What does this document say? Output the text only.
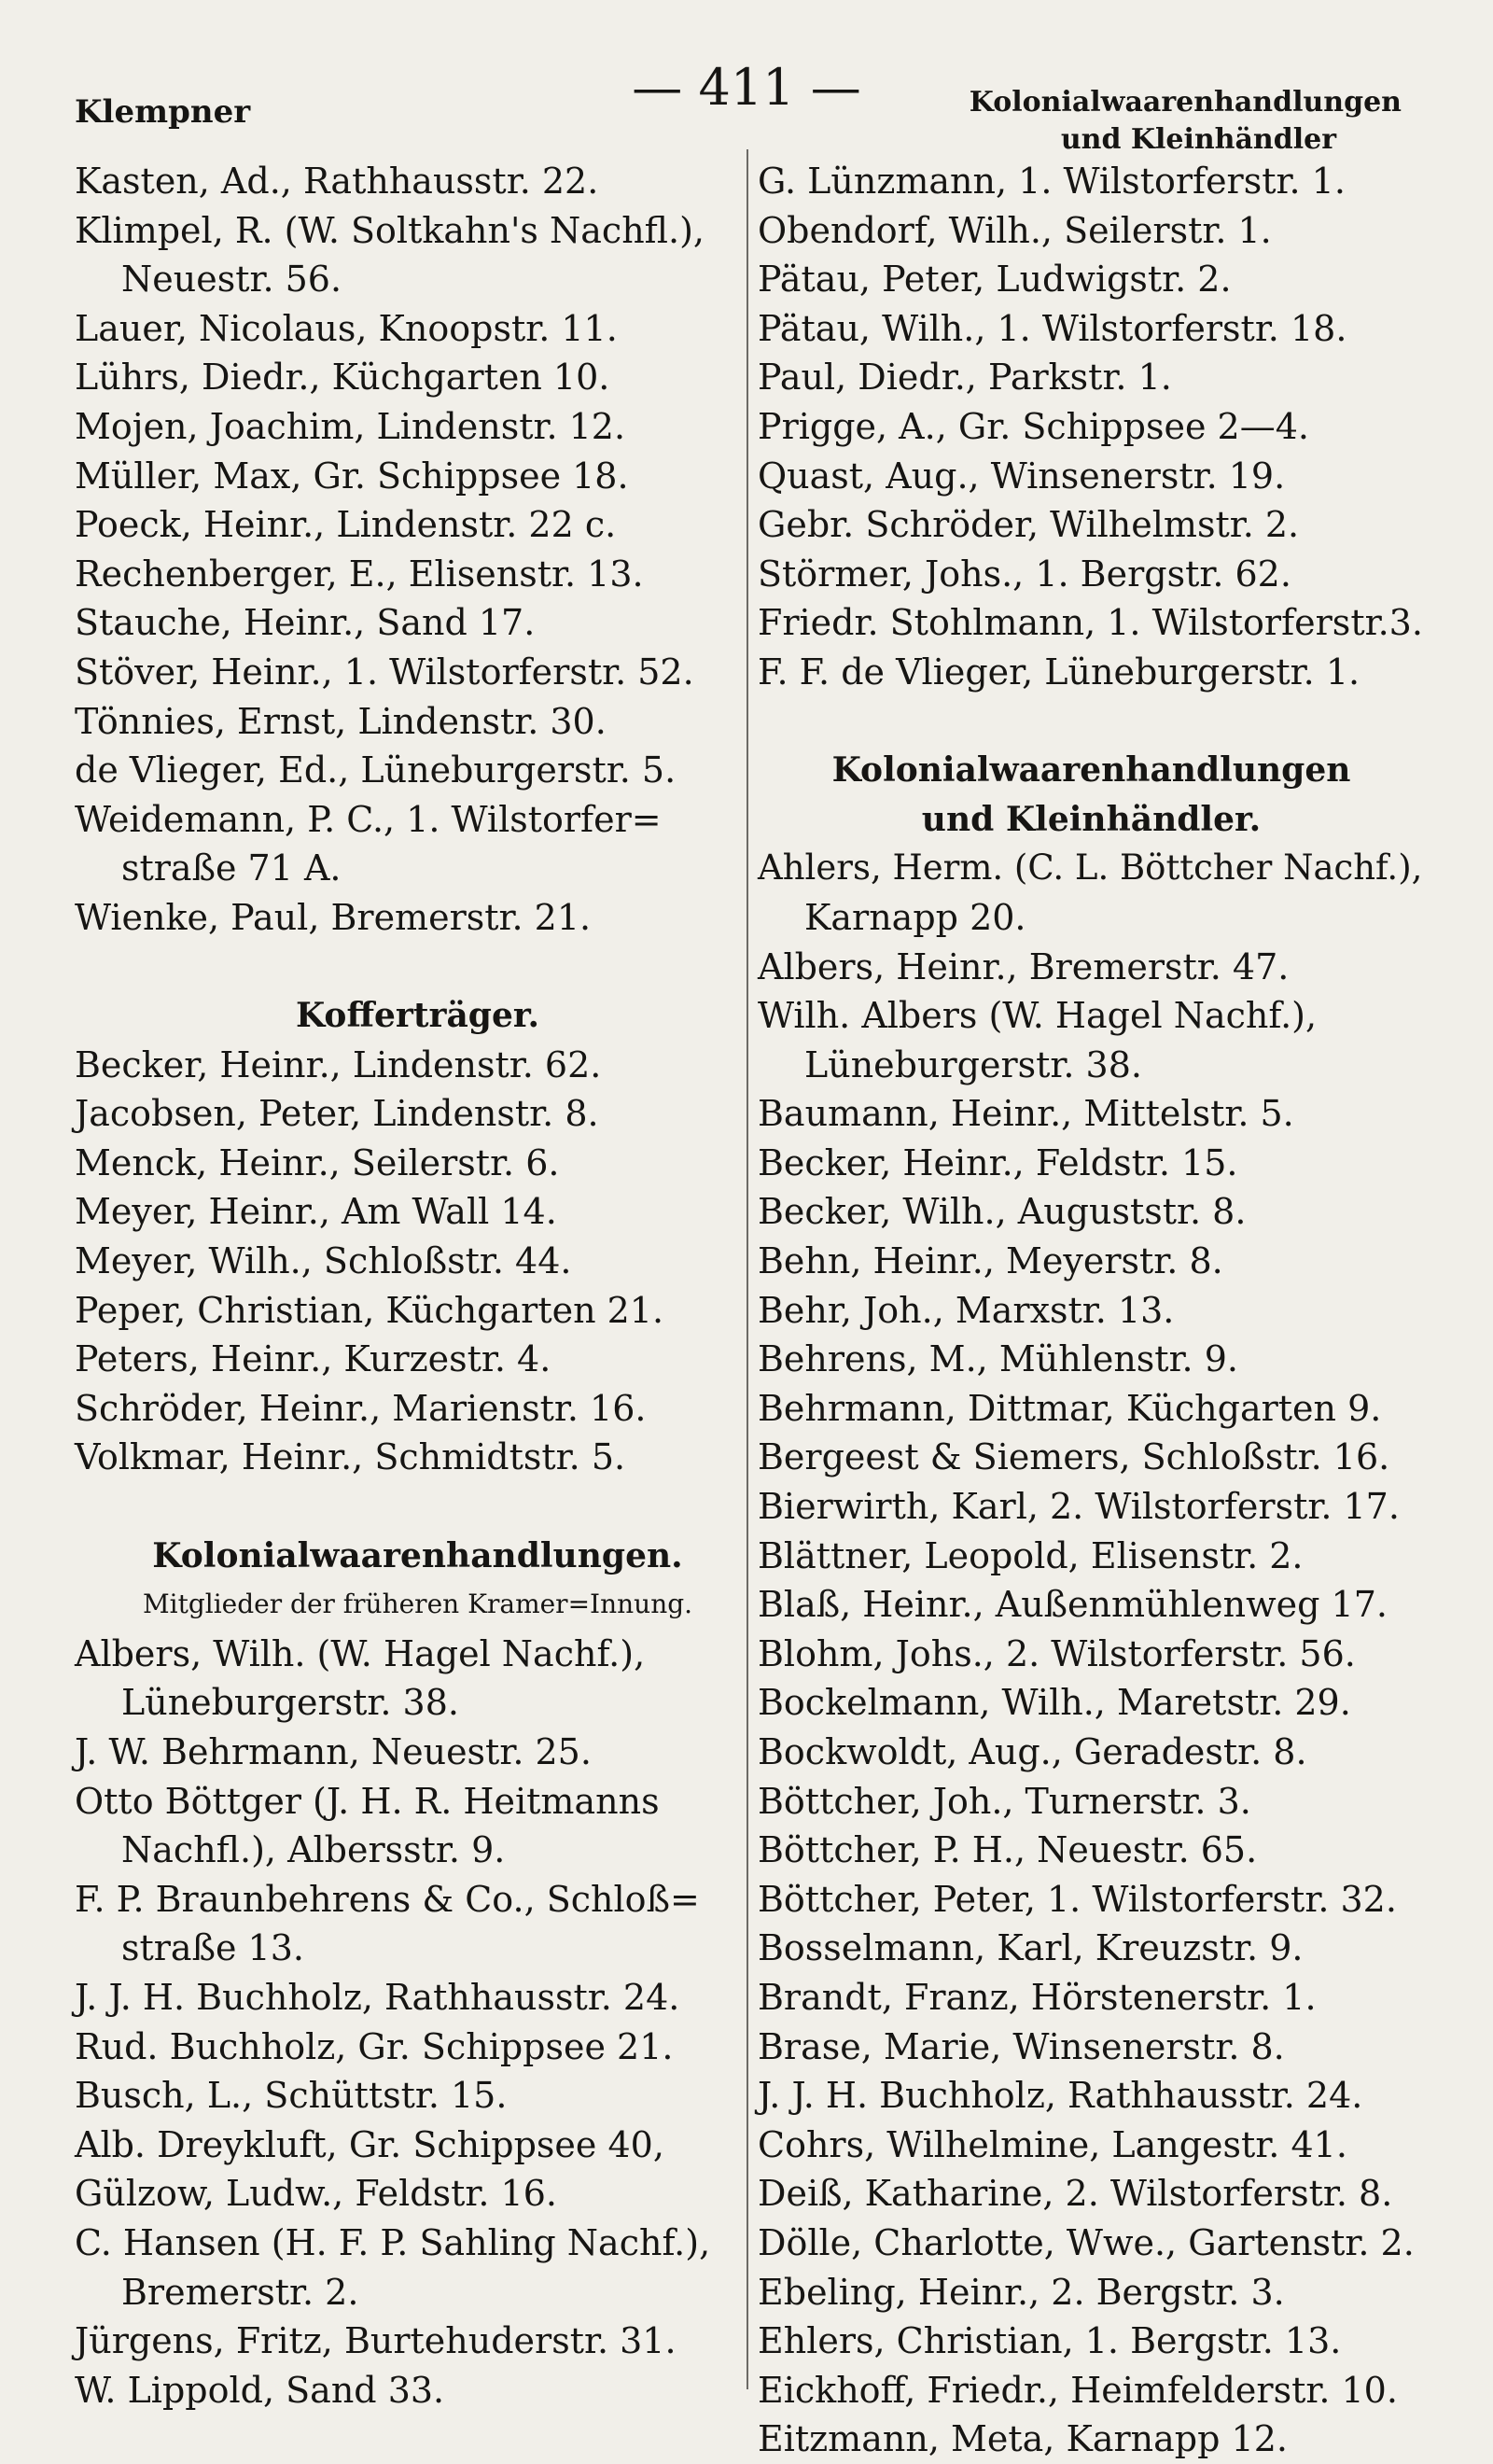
Klempner	— 411 —	Kolonialwaarenhandlungen
und Kleinhändler
Kasten, Ad., Rathhausstr. 22.
Klimpel, R. (W. Soltkahn's Nachfl.),
Neuestr. 56.
Lauer, Nicolaus, Knoopstr. 11.
Lührs, Diedr., Küchgarten 10.
Mojen, Joachim, Lindenstr. 12.
Müller, Max, Gr. Schippsee 18.
Poeck, Heinr., Lindenstr. 22 c.
Rechenberger, E., Elisenstr. 13.
Stauche, Heinr., Sand 17.
Stöver, Heinr., 1. Wilstorferstr. 52.
Tönnies, Ernst, Lindenstr. 30.
de Vlieger, Ed., Lüneburgerstr. 5.
Weidemann, P. C., 1. Wilstorfer=
straße 71 A.
Wienke, Paul, Bremerstr. 21.
Kofferträger.
Becker, Heinr., Lindenstr. 62.
Jacobsen, Peter, Lindenstr. 8.
Menck, Heinr., Seilerstr. 6.
Meyer, Heinr., Am Wall 14.
Meyer, Wilh., Schloßstr. 44.
Peper, Christian, Küchgarten 21.
Peters, Heinr., Kurzestr. 4.
Schröder, Heinr., Marienstr. 16.
Volkmar, Heinr., Schmidtstr. 5.
Kolonialwaarenhandlungen.
Mitglieder der früheren Kramer=Innung.
Albers, Wilh. (W. Hagel Nachf.),
Lüneburgerstr. 38.
J. W. Behrmann, Neuestr. 25.
Otto Böttger (J. H. R. Heitmanns
Nachfl.), Albersstr. 9.
F. P. Braunbehrens & Co., Schloß=
straße 13.
J. J. H. Buchholz, Rathhausstr. 24.
Rud. Buchholz, Gr. Schippsee 21.
Busch, L., Schüttstr. 15.
Alb. Dreykluft, Gr. Schippsee 40,
Gülzow, Ludw., Feldstr. 16.
C. Hansen (H. F. P. Sahling Nachf.),
Bremerstr. 2.
Jürgens, Fritz, Burtehuderstr. 31.
W. Lippold, Sand 33.
G. Lünzmann, 1. Wilstorferstr. 1.
Obendorf, Wilh., Seilerstr. 1.
Pätau, Peter, Ludwigstr. 2.
Pätau, Wilh., 1. Wilstorferstr. 18.
Paul, Diedr., Parkstr. 1.
Prigge, A., Gr. Schippsee 2—4.
Quast, Aug., Winsenerstr. 19.
Gebr. Schröder, Wilhelmstr. 2.
Störmer, Johs., 1. Bergstr. 62.
Friedr. Stohlmann, 1. Wilstorferstr.3.
F. F. de Vlieger, Lüneburgerstr. 1.
Kolonialwaarenhandlungen
und Kleinhändler.
Ahlers, Herm. (C. L. Böttcher Nachf.),
Karnapp 20.
Albers, Heinr., Bremerstr. 47.
Wilh. Albers (W. Hagel Nachf.),
Lüneburgerstr. 38.
Baumann, Heinr., Mittelstr. 5.
Becker, Heinr., Feldstr. 15.
Becker, Wilh., Auguststr. 8.
Behn, Heinr., Meyerstr. 8.
Behr, Joh., Marxstr. 13.
Behrens, M., Mühlenstr. 9.
Behrmann, Dittmar, Küchgarten 9.
Bergeest & Siemers, Schloßstr. 16.
Bierwirth, Karl, 2. Wilstorferstr. 17.
Blättner, Leopold, Elisenstr. 2.
Blaß, Heinr., Außenmühlenweg 17.
Blohm, Johs., 2. Wilstorferstr. 56.
Bockelmann, Wilh., Maretstr. 29.
Bockwoldt, Aug., Geradestr. 8.
Böttcher, Joh., Turnerstr. 3.
Böttcher, P. H., Neuestr. 65.
Böttcher, Peter, 1. Wilstorferstr. 32.
Bosselmann, Karl, Kreuzstr. 9.
Brandt, Franz, Hörstenerstr. 1.
Brase, Marie, Winsenerstr. 8.
J. J. H. Buchholz, Rathhausstr. 24.
Cohrs, Wilhelmine, Langestr. 41.
Deiß, Katharine, 2. Wilstorferstr. 8.
Dölle, Charlotte, Wwe., Gartenstr. 2.
Ebeling, Heinr., 2. Bergstr. 3.
Ehlers, Christian, 1. Bergstr. 13.
Eickhoff, Friedr., Heimfelderstr. 10.
Eitzmann, Meta, Karnapp 12.
